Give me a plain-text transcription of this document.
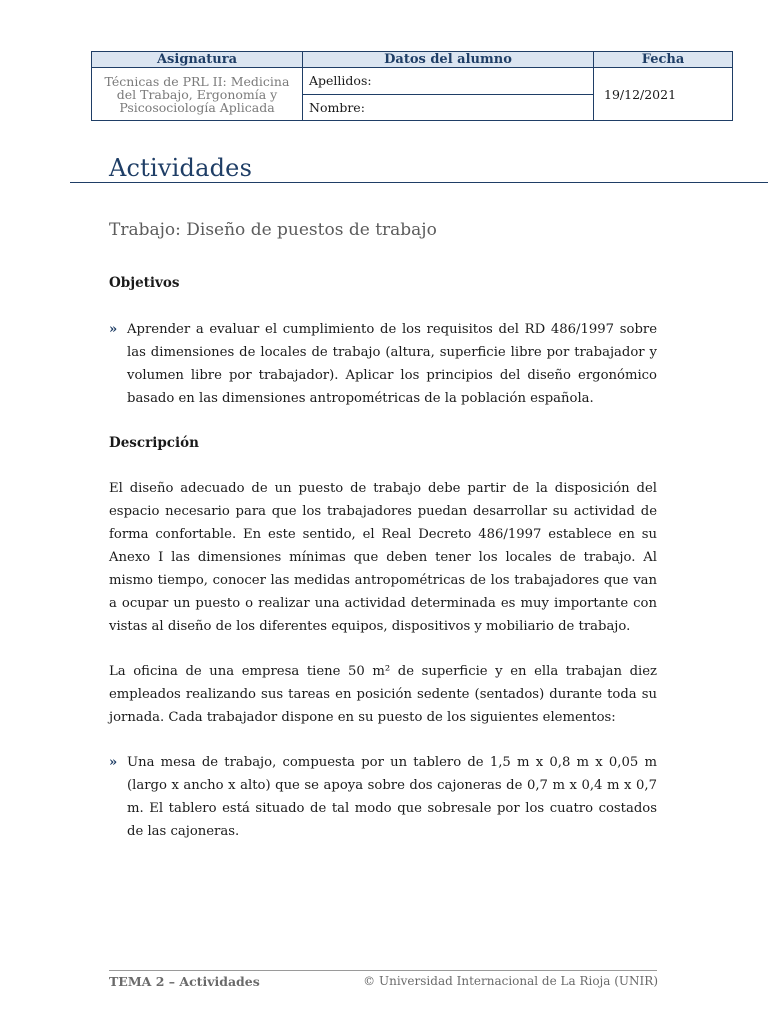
Asignatura	Datos del alumno	Fecha

Técnicas de PRL II: Medicina
del Trabajo, Ergonomía y
Psicosociología Aplicada	Apellidos:	19/12/2021
	Nombre:	
Actividades
Trabajo: Diseño de puestos de trabajo
Objetivos
» Aprender a evaluar el cumplimiento de los requisitos del RD 486/1997 sobre las dimensiones de locales de trabajo (altura, superficie libre por trabajador y volumen libre por trabajador). Aplicar los principios del diseño ergonómico basado en las dimensiones antropométricas de la población española.
Descripción
El diseño adecuado de un puesto de trabajo debe partir de la disposición del espacio necesario para que los trabajadores puedan desarrollar su actividad de forma confortable. En este sentido, el Real Decreto 486/1997 establece en su Anexo I las dimensiones mínimas que deben tener los locales de trabajo. Al mismo tiempo, conocer las medidas antropométricas de los trabajadores que van a ocupar un puesto o realizar una actividad determinada es muy importante con vistas al diseño de los diferentes equipos, dispositivos y mobiliario de trabajo.
La oficina de una empresa tiene 50 m² de superficie y en ella trabajan diez empleados realizando sus tareas en posición sedente (sentados) durante toda su jornada. Cada trabajador dispone en su puesto de los siguientes elementos:
» Una mesa de trabajo, compuesta por un tablero de 1,5 m x 0,8 m x 0,05 m (largo x ancho x alto) que se apoya sobre dos cajoneras de 0,7 m x 0,4 m x 0,7 m. El tablero está situado de tal modo que sobresale por los cuatro costados de las cajoneras.
TEMA 2 – Actividades	© Universidad Internacional de La Rioja (UNIR)
